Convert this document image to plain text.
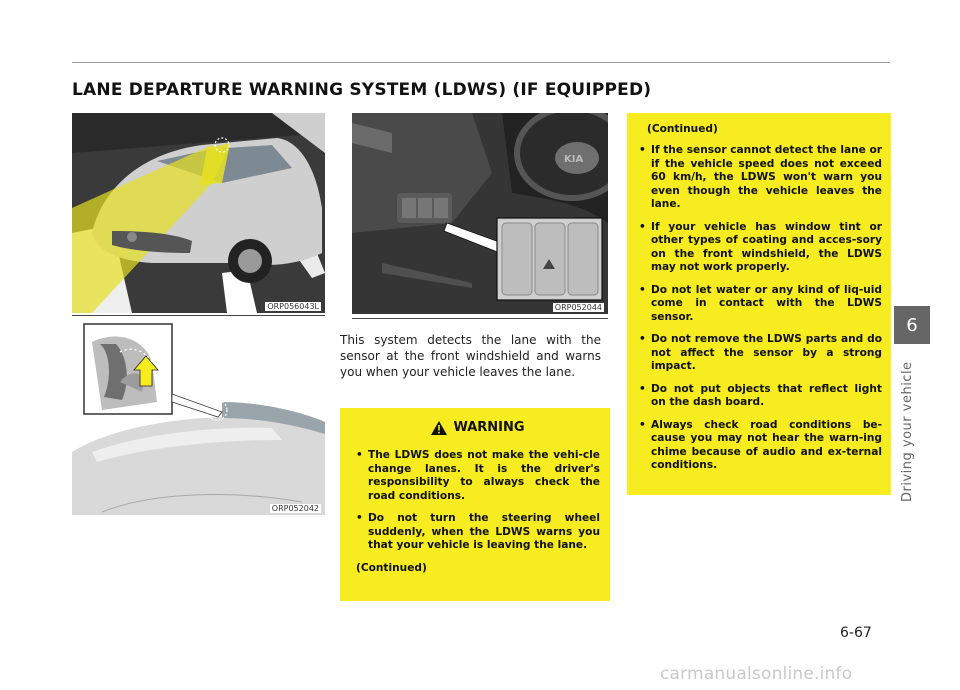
LANE DEPARTURE WARNING SYSTEM (LDWS) (IF EQUIPPED)
ORP056043L
ORP052042
KIA
ORP052044
This system detects the lane with the sensor at the front windshield and warns you when your vehicle leaves the lane.
WARNING
• The LDWS does not make the vehi-cle change lanes. It is the driver's responsibility to always check the road conditions.
• Do not turn the steering wheel suddenly, when the LDWS warns you that your vehicle is leaving the lane.
(Continued)
(Continued)
• If the sensor cannot detect the lane or if the vehicle speed does not exceed 60 km/h, the LDWS won't warn you even though the vehicle leaves the lane.
• If your vehicle has window tint or other types of coating and acces-sory on the front windshield, the LDWS may not work properly.
• Do not let water or any kind of liq-uid come in contact with the LDWS sensor.
• Do not remove the LDWS parts and do not affect the sensor by a strong impact.
• Do not put objects that reflect light on the dash board.
• Always check road conditions be-cause you may not hear the warn-ing chime because of audio and ex-ternal conditions.
6
Driving your vehicle
6-67
carmanualsonline.info
